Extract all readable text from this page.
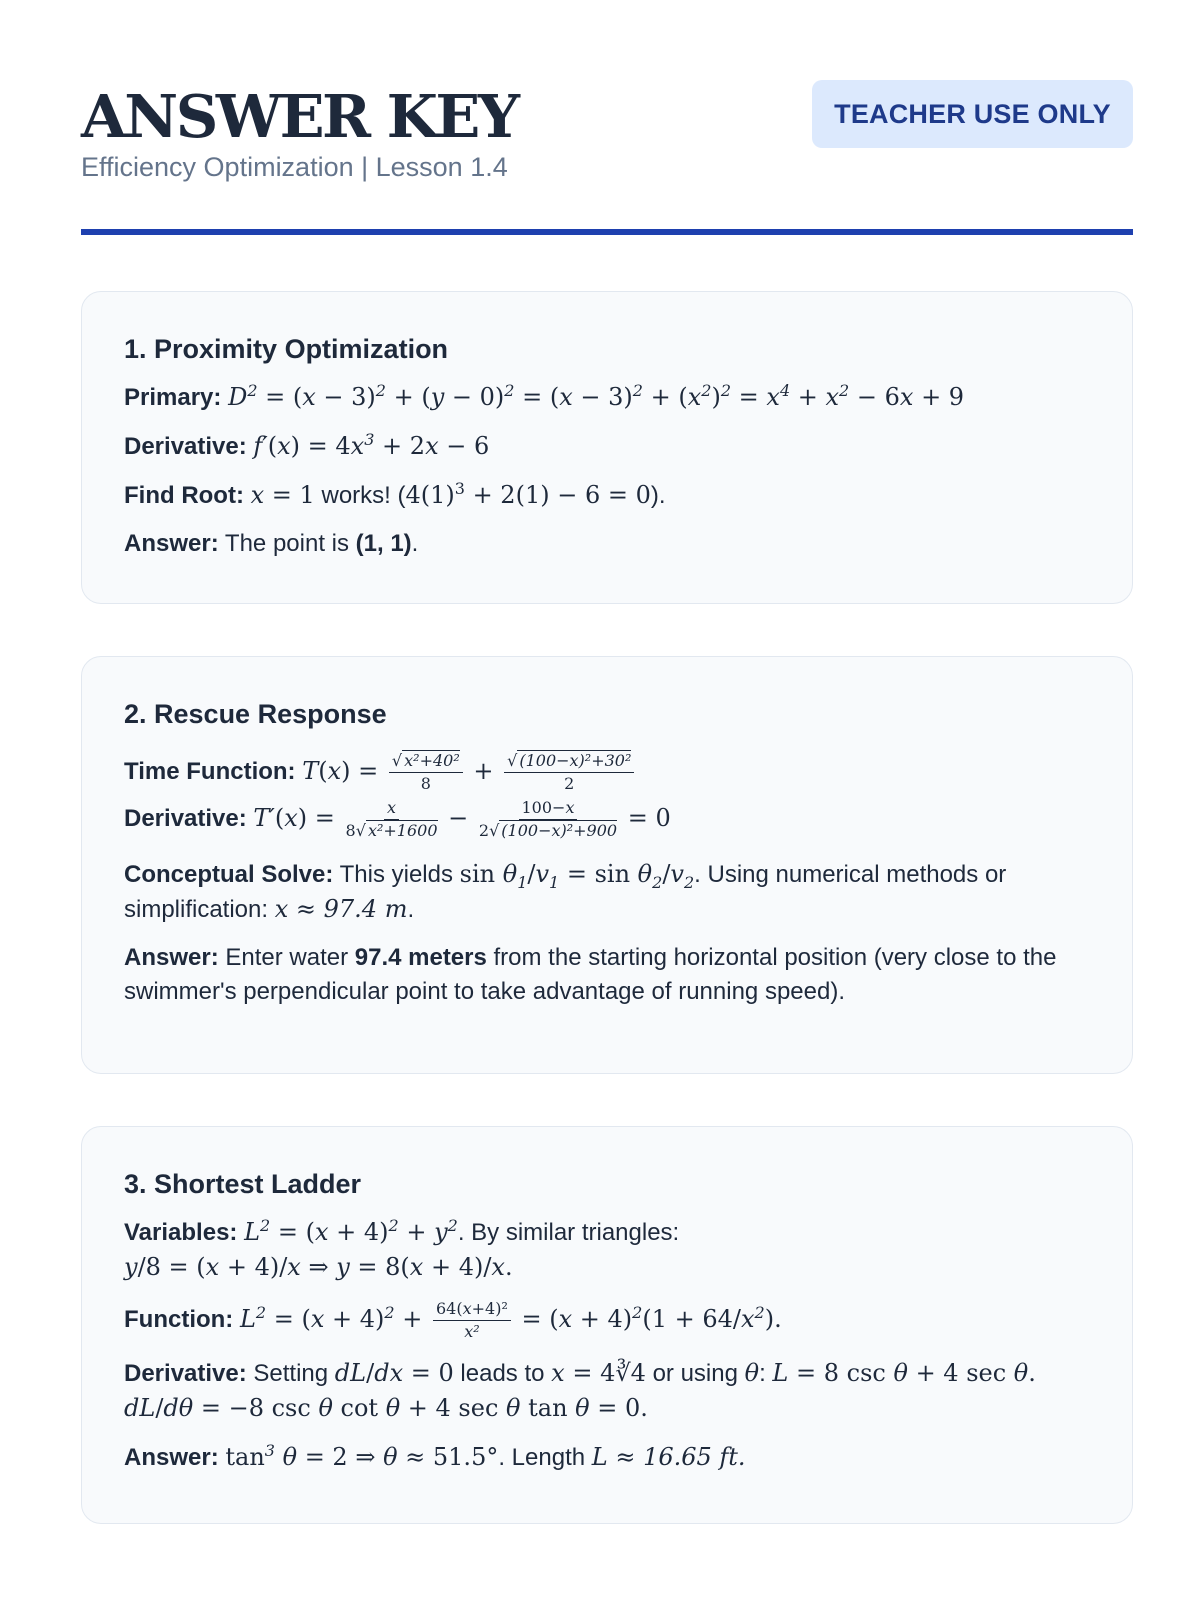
ANSWER KEY
Efficiency Optimization | Lesson 1.4
TEACHER USE ONLY
1. Proximity Optimization
Primary: $D^2 = (x - 3)^2 + (y - 0)^2 = (x - 3)^2 + (x^2)^2 = x^4 + x^2 - 6x + 9$
Derivative: $f'(x) = 4x^3 + 2x - 6$
Find Root: x = 1 works! $(4(1)^3 + 2(1) - 6 = 0)$.
Answer: The point is (1, 1).
2. Rescue Response
Time Function: $T(x) = \frac{\text{√ x²+40²}}{8} + \frac{\text{√ (100−x)²+30²}}{2}$
Derivative: $T'(x) = \frac{x}{\text{8√ x²+1600}} - \frac{100-x}{\text{2√ (100−x)²+900}} = 0$
Conceptual Solve: This yields $\sin \theta_1/v_1 = \sin \theta_2/v_2$. Using numerical methods or simplification: x ≈ 97.4 m.
Answer: Enter water 97.4 meters from the starting horizontal position (very close to the swimmer's perpendicular point to take advantage of running speed).
3. Shortest Ladder
Variables: $L^2 = (x + 4)^2 + y^2$. By similar triangles:
y/8 = (x + 4)/x ⇒ y = 8(x + 4)/x.
Function: $L^2 = (x + 4)^2 + \frac{\text{64(x+4)²}}{\text{x²}} = (x + 4)^2(1 + 64/x^2)$.
Derivative: Setting dL/dx = 0 leads to x = 4∛4 or using θ: L = 8 csc θ + 4 sec θ.
dL/dθ = −8 csc θ cot θ + 4 sec θ tan θ = 0.
Answer: $\tan^3 \theta = 2$ ⇒ θ ≈ 51.5°. Length L ≈ 16.65 ft.
